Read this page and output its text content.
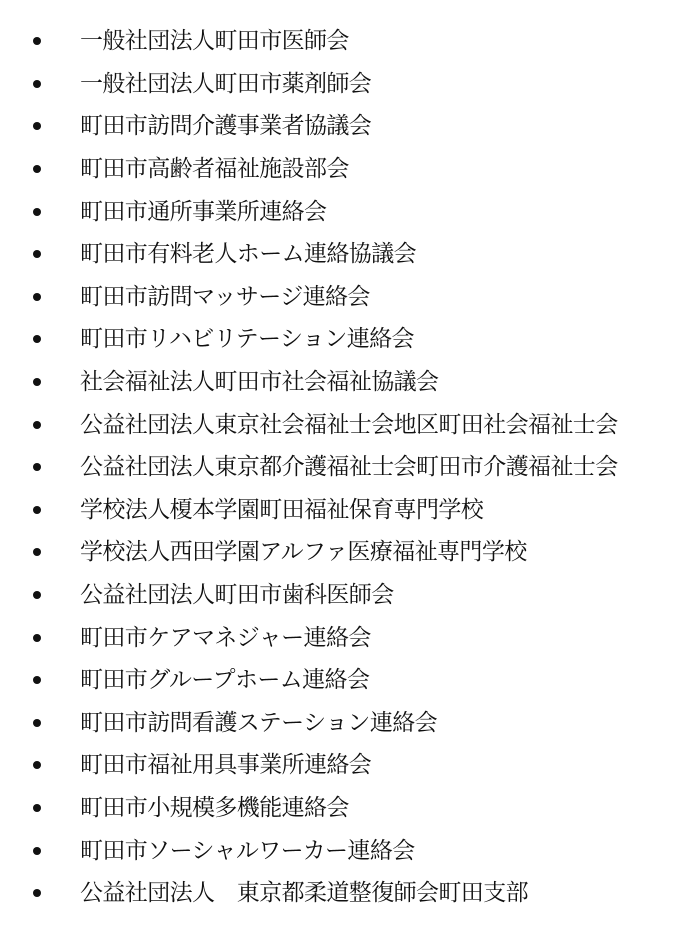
一般社団法人町田市医師会
一般社団法人町田市薬剤師会
町田市訪問介護事業者協議会
町田市高齢者福祉施設部会
町田市通所事業所連絡会
町田市有料老人ホーム連絡協議会
町田市訪問マッサージ連絡会
町田市リハビリテーション連絡会
社会福祉法人町田市社会福祉協議会
公益社団法人東京社会福祉士会地区町田社会福祉士会
公益社団法人東京都介護福祉士会町田市介護福祉士会
学校法人榎本学園町田福祉保育専門学校
学校法人西田学園アルファ医療福祉専門学校
公益社団法人町田市歯科医師会
町田市ケアマネジャー連絡会
町田市グループホーム連絡会
町田市訪問看護ステーション連絡会
町田市福祉用具事業所連絡会
町田市小規模多機能連絡会
町田市ソーシャルワーカー連絡会
公益社団法人　東京都柔道整復師会町田支部
